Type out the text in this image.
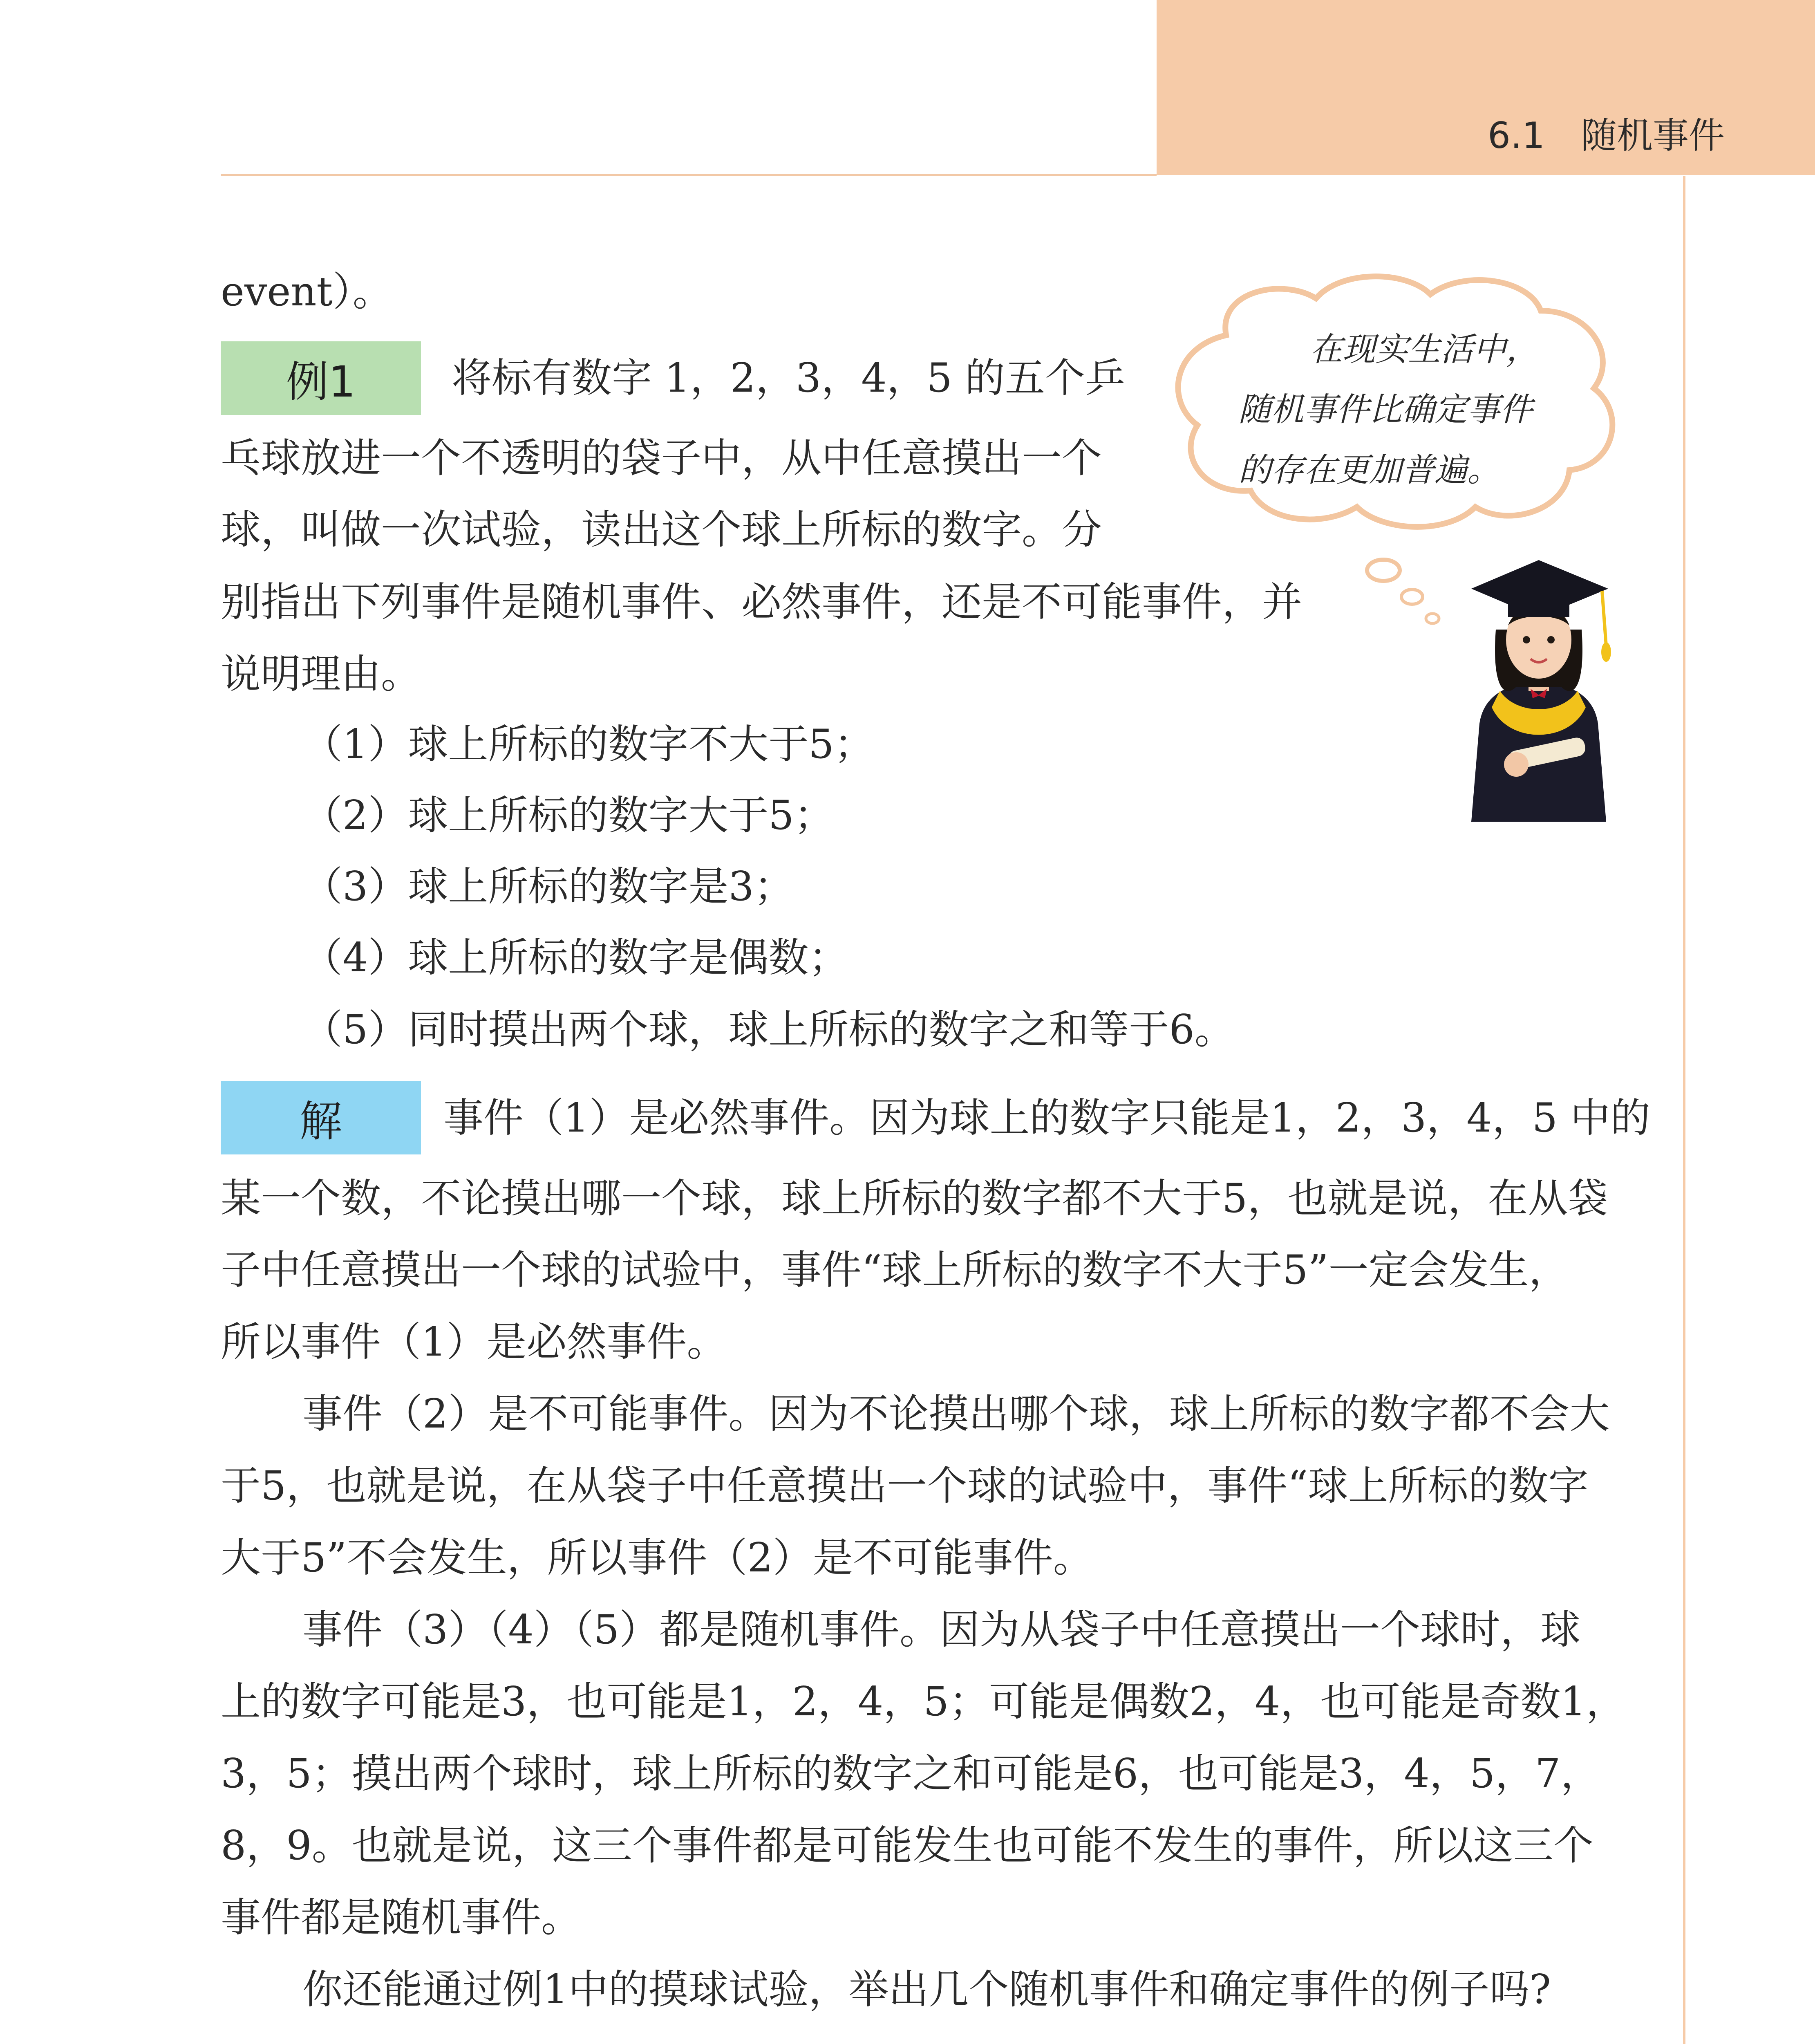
6.1　随机事件
event）。
例1	将标有数字 1，2，3，4，5 的五个乒
乓球放进一个不透明的袋子中，从中任意摸出一个
球，叫做一次试验，读出这个球上所标的数字。分
别指出下列事件是随机事件、必然事件，还是不可能事件，并
说明理由。
（1）球上所标的数字不大于5；
（2）球上所标的数字大于5；
（3）球上所标的数字是3；
（4）球上所标的数字是偶数；
（5）同时摸出两个球，球上所标的数字之和等于6。
解	事件（1）是必然事件。因为球上的数字只能是1，2，3，4，5 中的
某一个数，不论摸出哪一个球，球上所标的数字都不大于5，也就是说，在从袋
子中任意摸出一个球的试验中，事件“球上所标的数字不大于5”一定会发生，
所以事件（1）是必然事件。
事件（2）是不可能事件。因为不论摸出哪个球，球上所标的数字都不会大
于5，也就是说，在从袋子中任意摸出一个球的试验中，事件“球上所标的数字
大于5”不会发生，所以事件（2）是不可能事件。
事件（3）（4）（5）都是随机事件。因为从袋子中任意摸出一个球时，球
上的数字可能是3，也可能是1，2，4，5；可能是偶数2，4，也可能是奇数1，
3，5；摸出两个球时，球上所标的数字之和可能是6，也可能是3，4，5，7，
8，9。也就是说，这三个事件都是可能发生也可能不发生的事件，所以这三个
事件都是随机事件。
你还能通过例1中的摸球试验，举出几个随机事件和确定事件的例子吗?
在现实生活中，
随机事件比确定事件
的存在更加普遍。
